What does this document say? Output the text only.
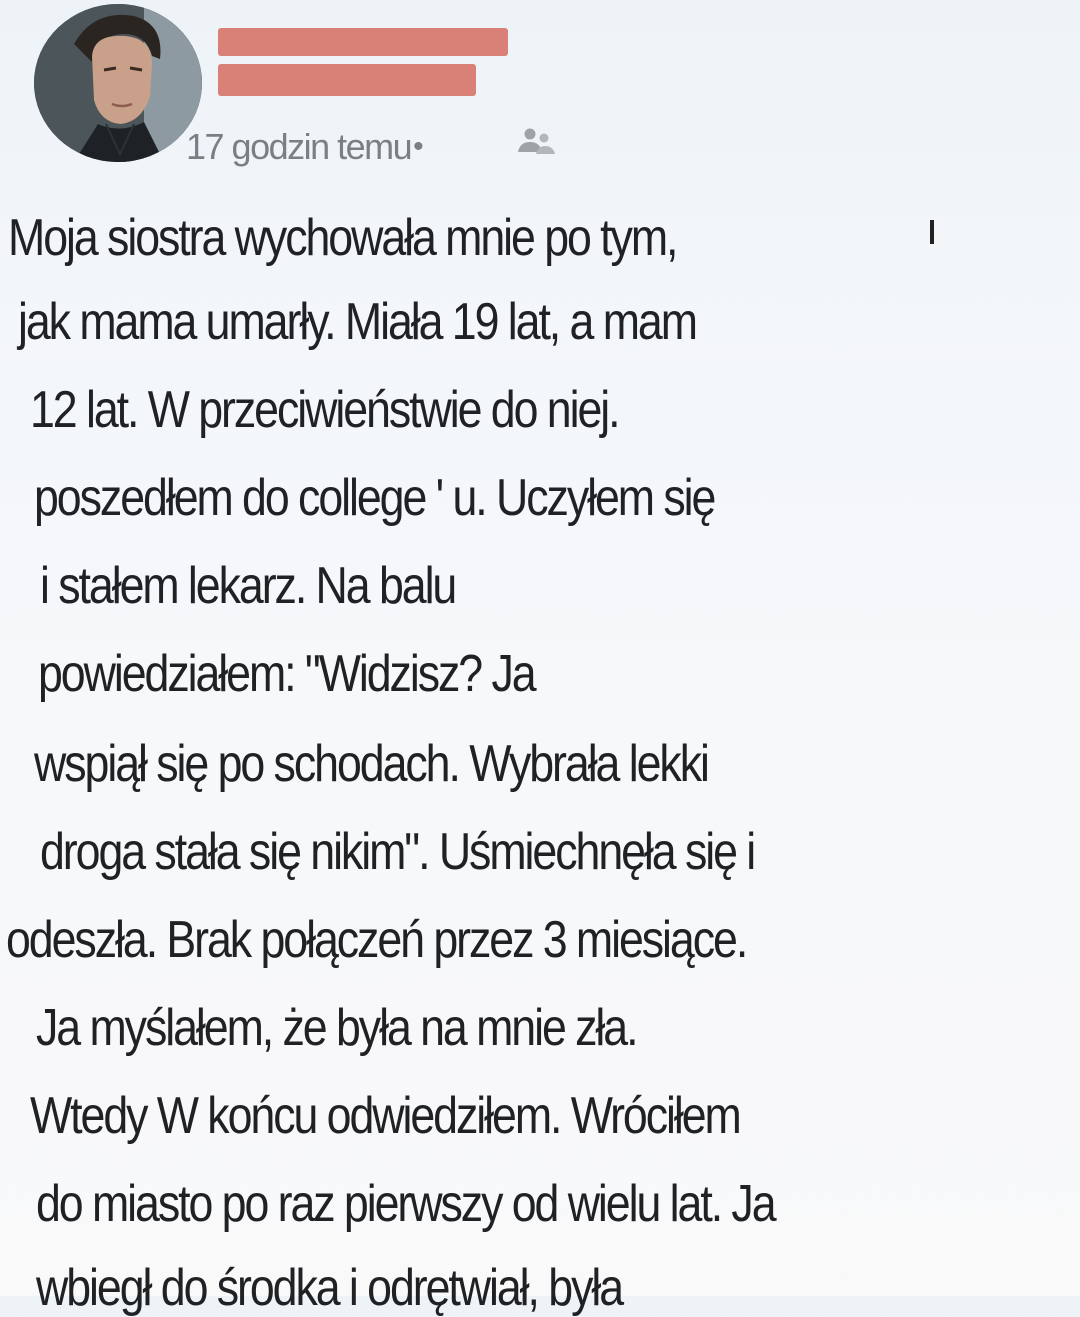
17 godzin temu •
Moja siostra wychowała mnie po tym,
jak mama umarły. Miała 19 lat, a mam
12 lat. W przeciwieństwie do niej.
poszedłem do college ' u. Uczyłem się
i stałem lekarz. Na balu
powiedziałem: "Widzisz? Ja
wspiął się po schodach. Wybrała lekki
droga stała się nikim". Uśmiechnęła się i
odeszła. Brak połączeń przez 3 miesiące.
Ja myślałem, że była na mnie zła.
Wtedy W końcu odwiedziłem. Wróciłem
do miasto po raz pierwszy od wielu lat. Ja
wbiegł do środka i odrętwiał, była
